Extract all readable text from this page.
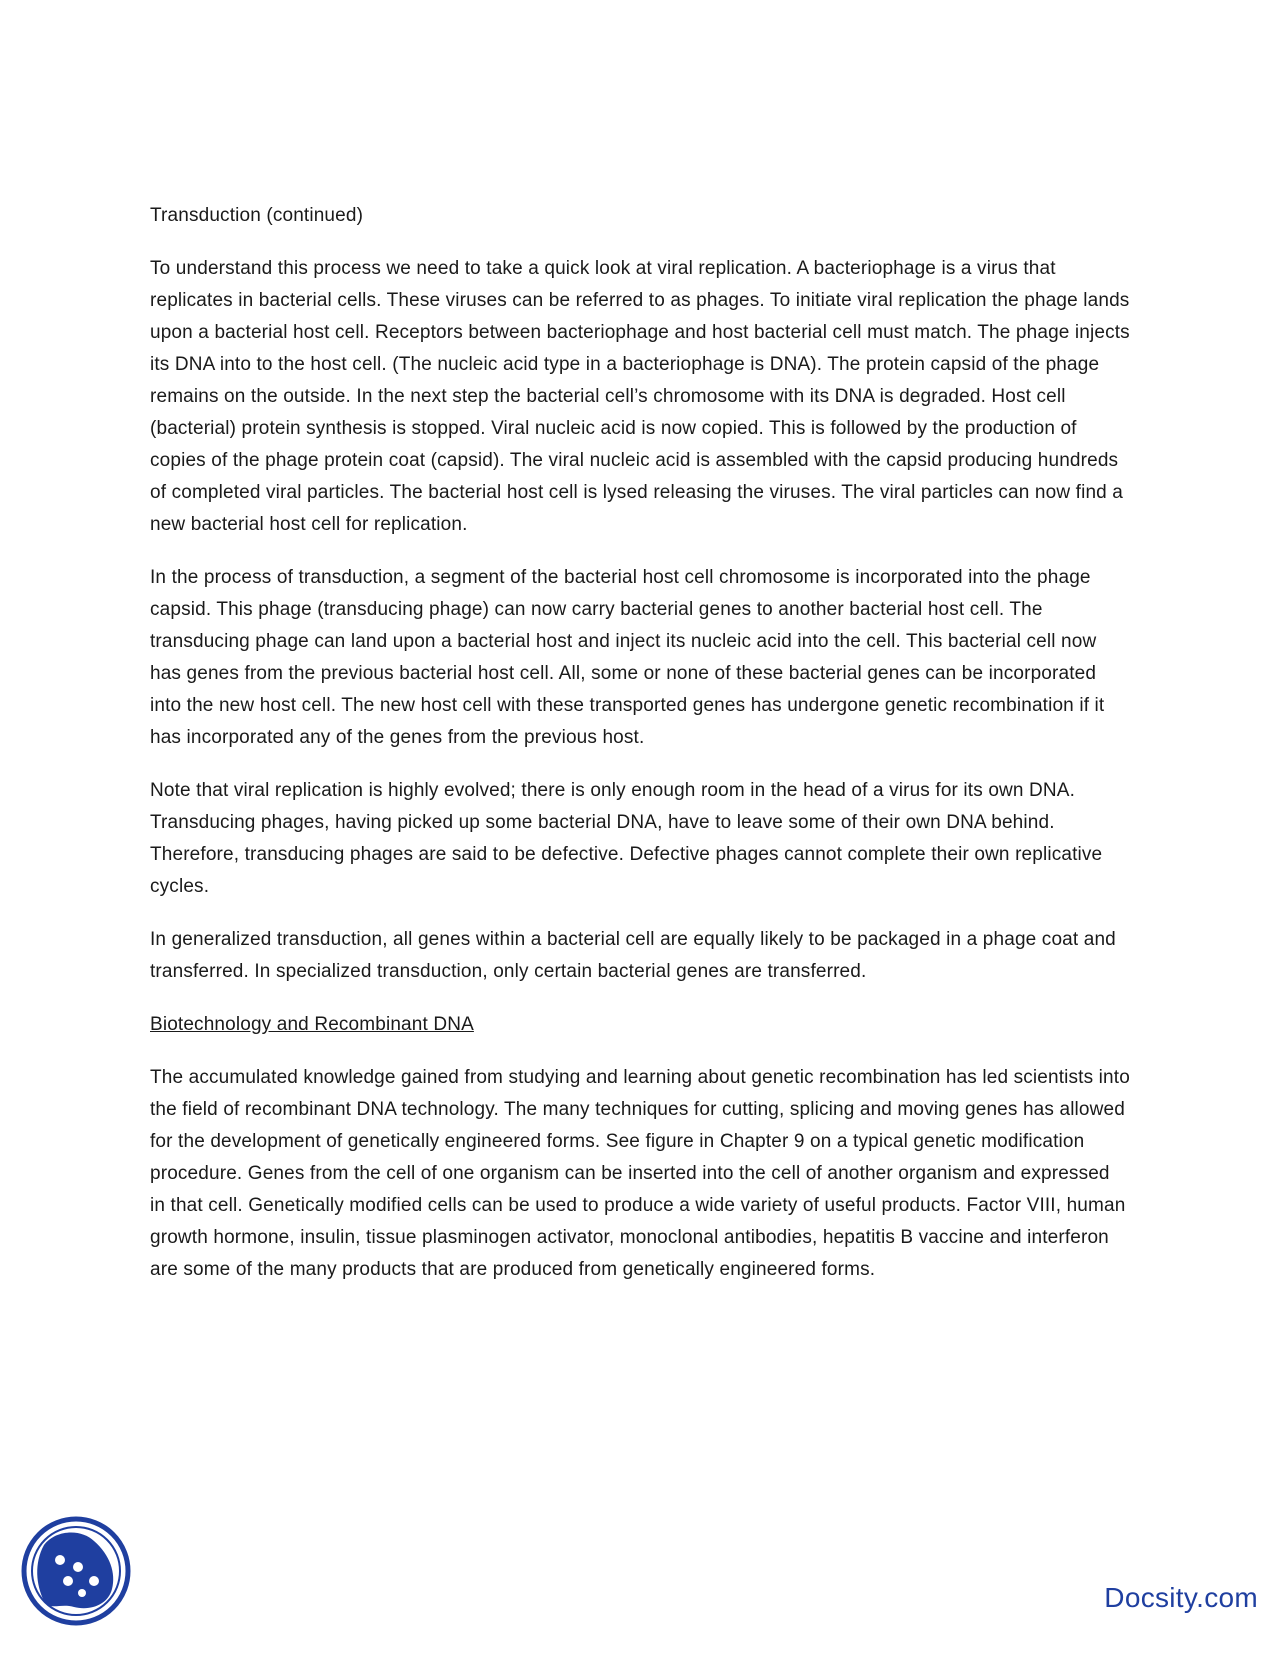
Transduction (continued)

To understand this process we need to take a quick look at viral replication. A bacteriophage is a virus that replicates in bacterial cells. These viruses can be referred to as phages. To initiate viral replication the phage lands upon a bacterial host cell. Receptors between bacteriophage and host bacterial cell must match. The phage injects its DNA into to the host cell. (The nucleic acid type in a bacteriophage is DNA). The protein capsid of the phage remains on the outside. In the next step the bacterial cell’s chromosome with its DNA is degraded. Host cell (bacterial) protein synthesis is stopped. Viral nucleic acid is now copied. This is followed by the production of copies of the phage protein coat (capsid). The viral nucleic acid is assembled with the capsid producing hundreds of completed viral particles. The bacterial host cell is lysed releasing the viruses. The viral particles can now find a new bacterial host cell for replication.

In the process of transduction, a segment of the bacterial host cell chromosome is incorporated into the phage capsid. This phage (transducing phage) can now carry bacterial genes to another bacterial host cell. The transducing phage can land upon a bacterial host and inject its nucleic acid into the cell. This bacterial cell now has genes from the previous bacterial host cell. All, some or none of these bacterial genes can be incorporated into the new host cell. The new host cell with these transported genes has undergone genetic recombination if it has incorporated any of the genes from the previous host.

Note that viral replication is highly evolved; there is only enough room in the head of a virus for its own DNA. Transducing phages, having picked up some bacterial DNA, have to leave some of their own DNA behind. Therefore, transducing phages are said to be defective. Defective phages cannot complete their own replicative cycles.

In generalized transduction, all genes within a bacterial cell are equally likely to be packaged in a phage coat and transferred. In specialized transduction, only certain bacterial genes are transferred.

Biotechnology and Recombinant DNA

The accumulated knowledge gained from studying and learning about genetic recombination has led scientists into the field of recombinant DNA technology. The many techniques for cutting, splicing and moving genes has allowed for the development of genetically engineered forms. See figure in Chapter 9 on a typical genetic modification procedure. Genes from the cell of one organism can be inserted into the cell of another organism and expressed in that cell. Genetically modified cells can be used to produce a wide variety of useful products. Factor VIII, human growth hormone, insulin, tissue plasminogen activator, monoclonal antibodies, hepatitis B vaccine and interferon are some of the many products that are produced from genetically engineered forms.

Docsity.com
